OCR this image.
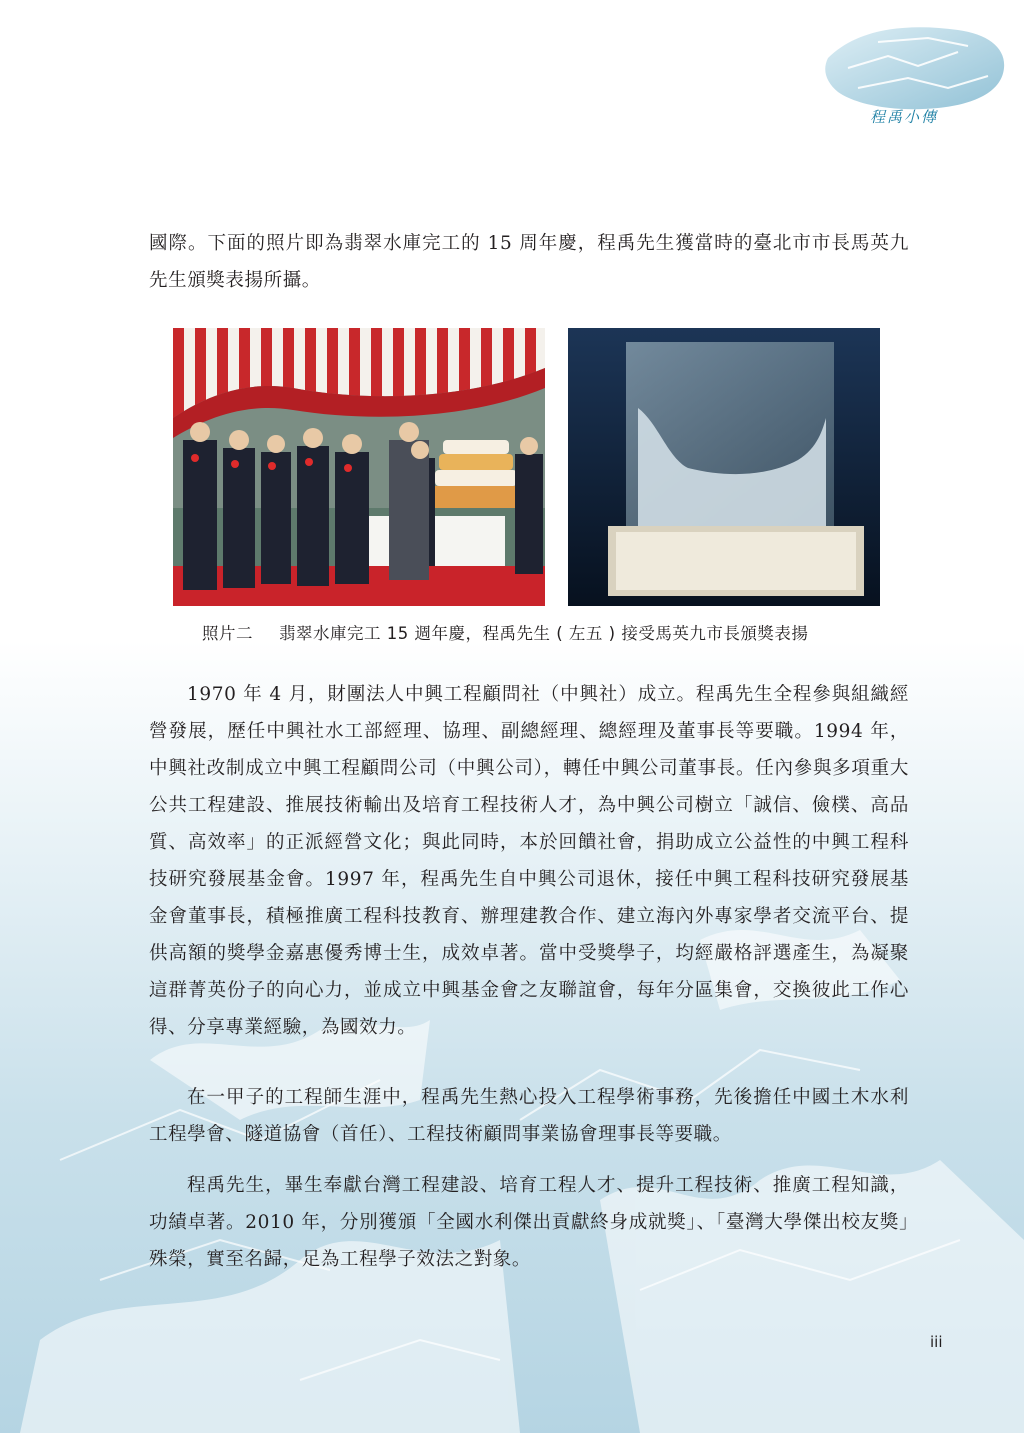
程禹小傳

國際。下面的照片即為翡翠水庫完工的 15 周年慶，程禹先生獲當時的臺北市市長馬英九先生頒獎表揚所攝。

照片二 翡翠水庫完工 15 週年慶，程禹先生 ( 左五 ) 接受馬英九市長頒獎表揚

1970 年 4 月，財團法人中興工程顧問社（中興社）成立。程禹先生全程參與組織經營發展，歷任中興社水工部經理、協理、副總經理、總經理及董事長等要職。1994 年，中興社改制成立中興工程顧問公司（中興公司），轉任中興公司董事長。任內參與多項重大公共工程建設、推展技術輸出及培育工程技術人才，為中興公司樹立「誠信、儉樸、高品質、高效率」的正派經營文化；與此同時，本於回饋社會，捐助成立公益性的中興工程科技研究發展基金會。1997 年，程禹先生自中興公司退休，接任中興工程科技研究發展基金會董事長，積極推廣工程科技教育、辦理建教合作、建立海內外專家學者交流平台、提供高額的獎學金嘉惠優秀博士生，成效卓著。當中受獎學子，均經嚴格評選產生，為凝聚這群菁英份子的向心力，並成立中興基金會之友聯誼會，每年分區集會，交換彼此工作心得、分享專業經驗，為國效力。

在一甲子的工程師生涯中，程禹先生熱心投入工程學術事務，先後擔任中國土木水利工程學會、隧道協會（首任）、工程技術顧問事業協會理事長等要職。

程禹先生，畢生奉獻台灣工程建設、培育工程人才、提升工程技術、推廣工程知識，功績卓著。2010 年，分別獲頒「全國水利傑出貢獻終身成就獎」、「臺灣大學傑出校友獎」殊榮，實至名歸，足為工程學子效法之對象。

iii
